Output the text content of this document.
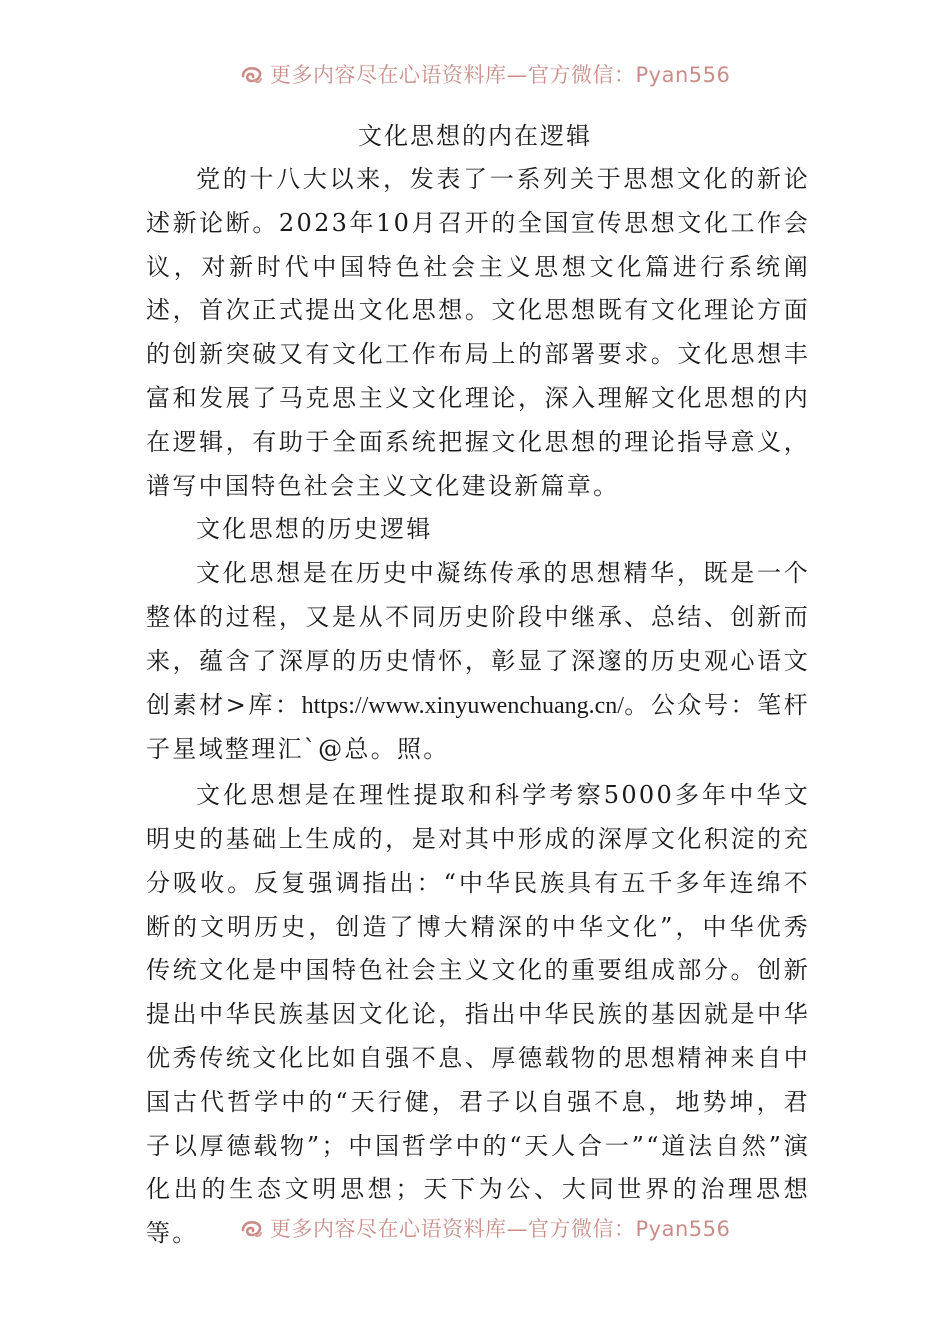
更多内容尽在心语资料库—官方微信：Pyan556
文化思想的内在逻辑

党的十八大以来，发表了一系列关于思想文化的新论述新论断。2023年10月召开的全国宣传思想文化工作会议，对新时代中国特色社会主义思想文化篇进行系统阐述，首次正式提出文化思想。文化思想既有文化理论方面的创新突破又有文化工作布局上的部署要求。文化思想丰富和发展了马克思主义文化理论，深入理解文化思想的内在逻辑，有助于全面系统把握文化思想的理论指导意义，谱写中国特色社会主义文化建设新篇章。

文化思想的历史逻辑

文化思想是在历史中凝练传承的思想精华，既是一个整体的过程，又是从不同历史阶段中继承、总结、创新而来，蕴含了深厚的历史情怀，彰显了深邃的历史观心语文创素材>库：https://www.xinyuwenchuang.cn/。公众号：笔杆子星域整理汇`@总。照。

文化思想是在理性提取和科学考察5000多年中华文明史的基础上生成的，是对其中形成的深厚文化积淀的充分吸收。反复强调指出：“中华民族具有五千多年连绵不断的文明历史，创造了博大精深的中华文化”，中华优秀传统文化是中国特色社会主义文化的重要组成部分。创新提出中华民族基因文化论，指出中华民族的基因就是中华优秀传统文化比如自强不息、厚德载物的思想精神来自中国古代哲学中的“天行健，君子以自强不息，地势坤，君子以厚德载物”；中国哲学中的“天人合一”“道法自然”演化出的生态文明思想；天下为公、大同世界的治理思想等。	更多内容尽在心语资料库—官方微信：Pyan556
